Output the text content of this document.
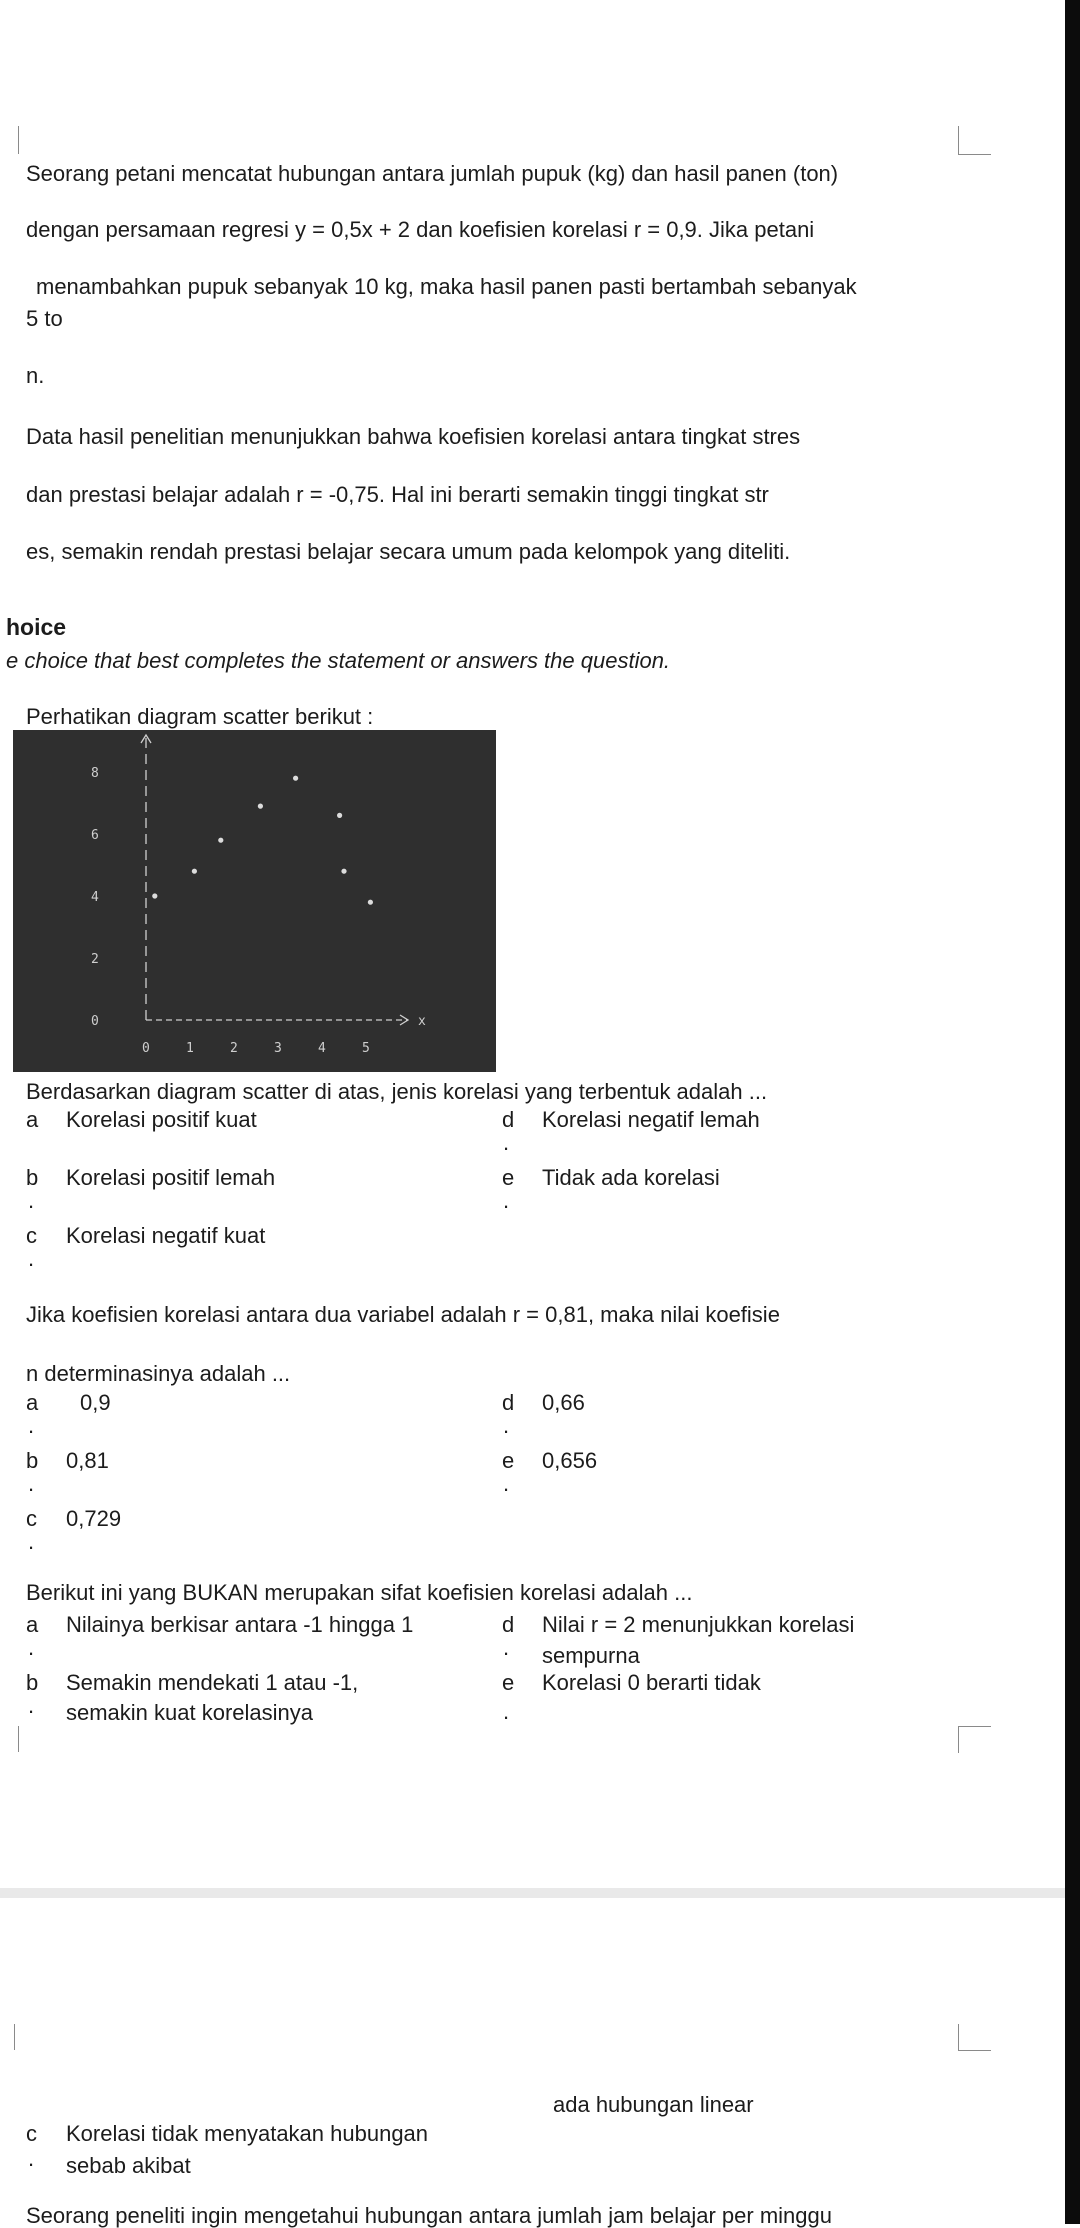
Seorang petani mencatat hubungan antara jumlah pupuk (kg) dan hasil panen (ton)
dengan persamaan regresi y = 0,5x + 2 dan koefisien korelasi r = 0,9. Jika petani
menambahkan pupuk sebanyak 10 kg, maka hasil panen pasti bertambah sebanyak
5 to
n.
Data hasil penelitian menunjukkan bahwa koefisien korelasi antara tingkat stres
dan prestasi belajar adalah r = -0,75. Hal ini berarti semakin tinggi tingkat str
es, semakin rendah prestasi belajar secara umum pada kelompok yang diteliti.
hoice
e choice that best completes the statement or answers the question.
Perhatikan diagram scatter berikut :
x
0	1	2	3	4	5
0
2
4
6
8
Berdasarkan diagram scatter di atas, jenis korelasi yang terbentuk adalah ...
a Korelasi positif kuat	d Korelasi negatif lemah
.
b Korelasi positif lemah	e Tidak ada korelasi
.	.
c Korelasi negatif kuat
.
Jika koefisien korelasi antara dua variabel adalah r = 0,81, maka nilai koefisie
n determinasinya adalah ...
a 0,9	d 0,66
.	.
b 0,81	e 0,656
.	.
c 0,729
.
Berikut ini yang BUKAN merupakan sifat koefisien korelasi adalah ...
a Nilainya berkisar antara -1 hingga 1	d Nilai r = 2 menunjukkan korelasi
sempurna
.	.
b Semakin mendekati 1 atau -1,
semakin kuat korelasinya
e Korelasi 0 berarti tidak
.	.
ada hubungan linear
c Korelasi tidak menyatakan hubungan
sebab akibat
.
Seorang peneliti ingin mengetahui hubungan antara jumlah jam belajar per minggu
